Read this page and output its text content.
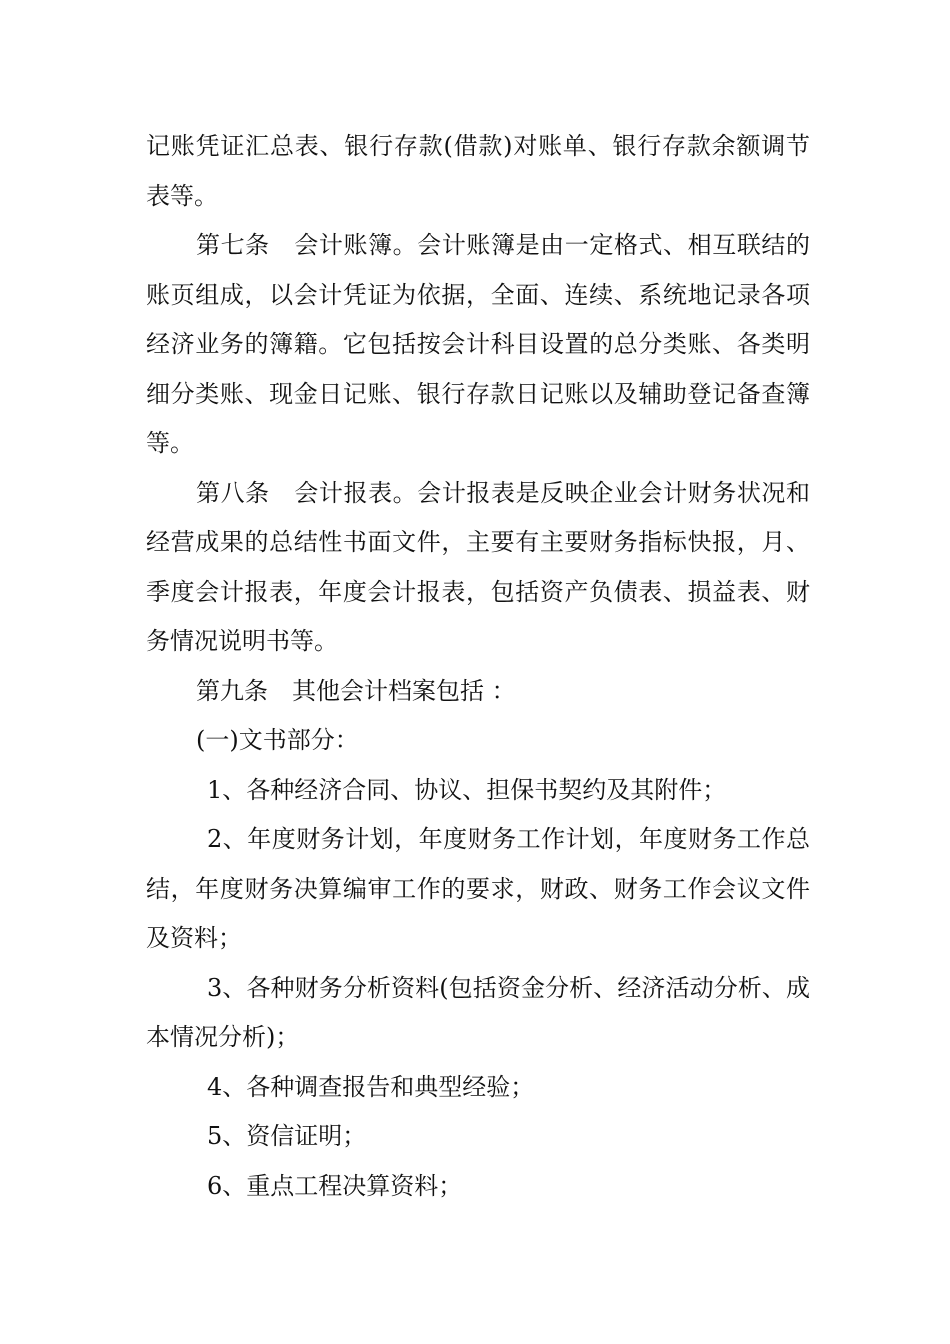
记账凭证汇总表、银行存款(借款)对账单、银行存款余额调节表等。

第七条　会计账簿。会计账簿是由一定格式、相互联结的账页组成，以会计凭证为依据，全面、连续、系统地记录各项经济业务的簿籍。它包括按会计科目设置的总分类账、各类明细分类账、现金日记账、银行存款日记账以及辅助登记备查簿等。

第八条　会计报表。会计报表是反映企业会计财务状况和经营成果的总结性书面文件，主要有主要财务指标快报，月、季度会计报表，年度会计报表，包括资产负债表、损益表、财务情况说明书等。

第九条　其他会计档案包括 ：

(一)文书部分：

1、各种经济合同、协议、担保书契约及其附件；

2、年度财务计划，年度财务工作计划，年度财务工作总结，年度财务决算编审工作的要求，财政、财务工作会议文件及资料；

3、各种财务分析资料(包括资金分析、经济活动分析、成本情况分析)；

4、各种调查报告和典型经验；

5、资信证明；

6、重点工程决算资料；
